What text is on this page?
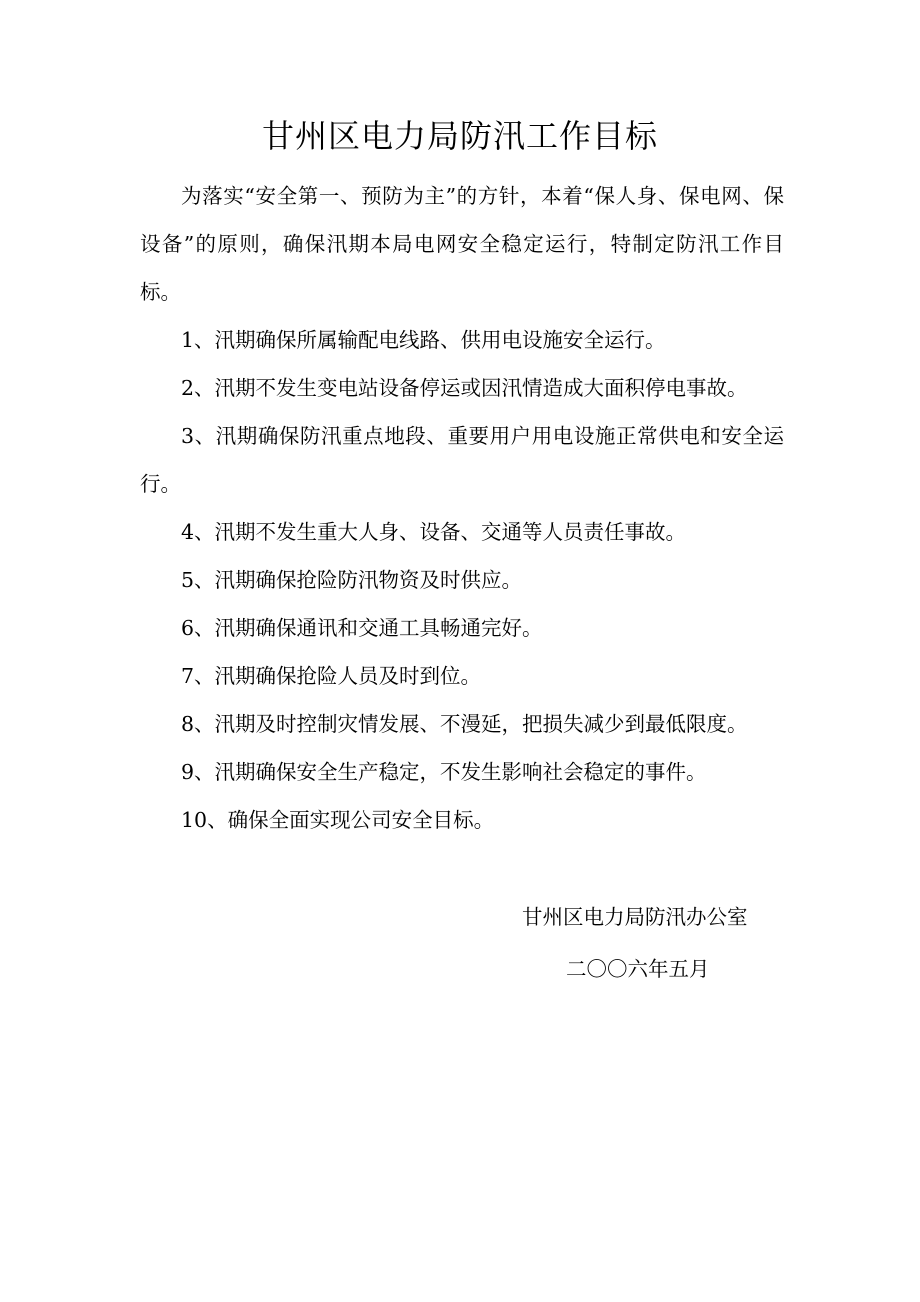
甘州区电力局防汛工作目标

为落实“安全第一、预防为主”的方针，本着“保人身、保电网、保设备”的原则，确保汛期本局电网安全稳定运行，特制定防汛工作目标。

1、汛期确保所属输配电线路、供用电设施安全运行。

2、汛期不发生变电站设备停运或因汛情造成大面积停电事故。

3、汛期确保防汛重点地段、重要用户用电设施正常供电和安全运行。

4、汛期不发生重大人身、设备、交通等人员责任事故。

5、汛期确保抢险防汛物资及时供应。

6、汛期确保通讯和交通工具畅通完好。

7、汛期确保抢险人员及时到位。

8、汛期及时控制灾情发展、不漫延，把损失减少到最低限度。

9、汛期确保安全生产稳定，不发生影响社会稳定的事件。

10、确保全面实现公司安全目标。

甘州区电力局防汛办公室
二〇〇六年五月
